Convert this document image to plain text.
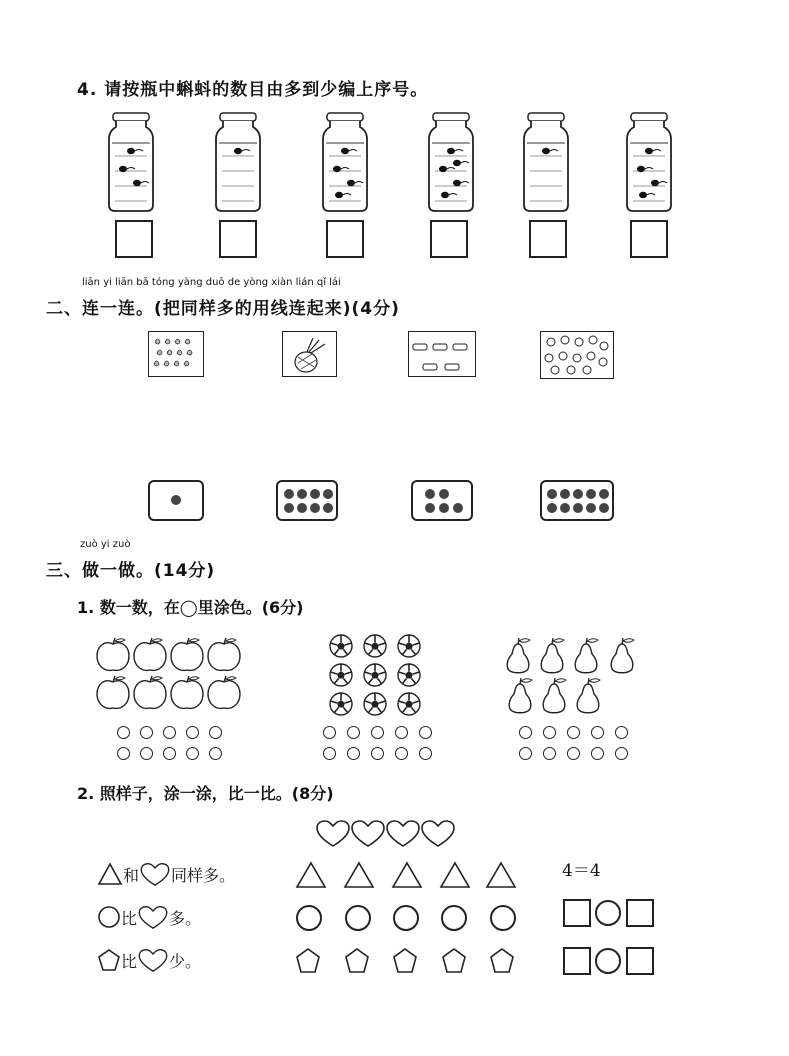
4. 请按瓶中蝌蚪的数目由多到少编上序号。
liān yi liān bǎ tóng yàng duō de yòng xiàn lián qǐ lái
二、连一连。(把同样多的用线连起来)(4分)
zuò yi zuò
三、做一做。(14分)
1. 数一数，在◯里涂色。(6分)
2. 照样子，涂一涂，比一比。(8分)
和 同样多。	4＝4
比 多。
比 少。
